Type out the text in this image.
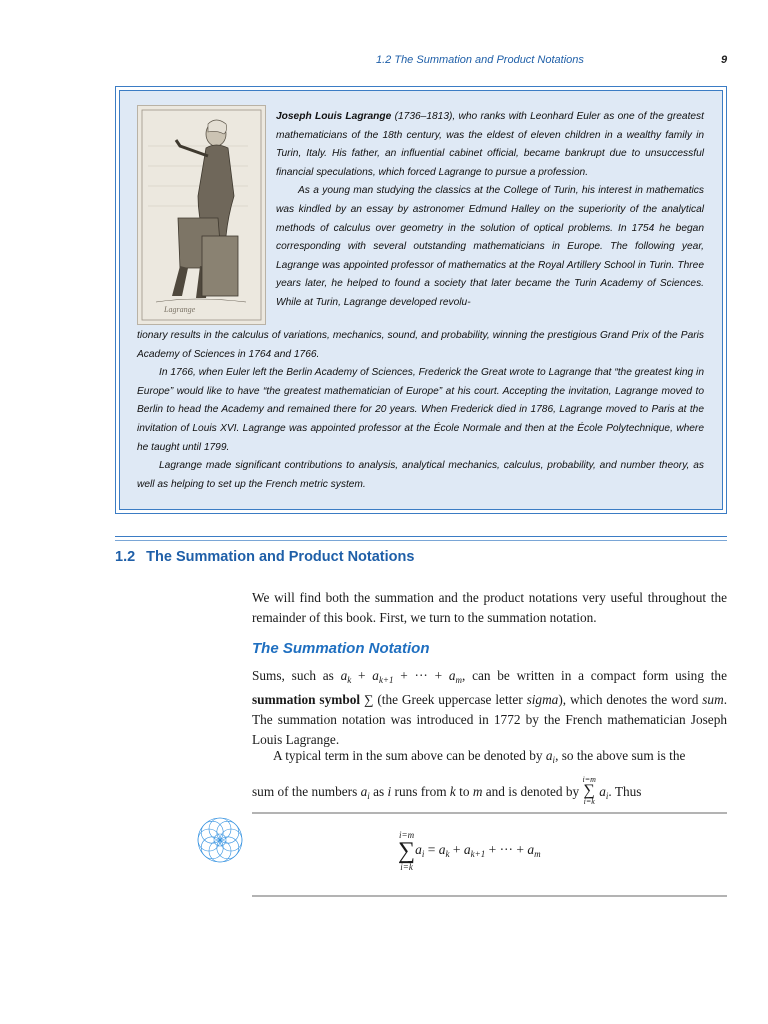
1.2 The Summation and Product Notations	9
Lagrange

Joseph Louis Lagrange (1736–1813), who ranks with Leonhard Euler as one of the greatest mathematicians of the 18th century, was the eldest of eleven children in a wealthy family in Turin, Italy. His father, an influential cabinet official, became bankrupt due to unsuccessful financial speculations, which forced Lagrange to pursue a profession.

As a young man studying the classics at the College of Turin, his interest in mathematics was kindled by an essay by astronomer Edmund Halley on the superiority of the analytical methods of calculus over geometry in the solution of optical problems. In 1754 he began corresponding with several outstanding mathematicians in Europe. The following year, Lagrange was appointed professor of mathematics at the Royal Artillery School in Turin. Three years later, he helped to found a society that later became the Turin Academy of Sciences. While at Turin, Lagrange developed revolu-

tionary results in the calculus of variations, mechanics, sound, and probability, winning the prestigious Grand Prix of the Paris Academy of Sciences in 1764 and 1766.

In 1766, when Euler left the Berlin Academy of Sciences, Frederick the Great wrote to Lagrange that “the greatest king in Europe” would like to have “the greatest mathematician of Europe” at his court. Accepting the invitation, Lagrange moved to Berlin to head the Academy and remained there for 20 years. When Frederick died in 1786, Lagrange moved to Paris at the invitation of Louis XVI. Lagrange was appointed professor at the École Normale and then at the École Polytechnique, where he taught until 1799.

Lagrange made significant contributions to analysis, analytical mechanics, calculus, probability, and number theory, as well as helping to set up the French metric system.

1.2 The Summation and Product Notations

We will find both the summation and the product notations very useful throughout the remainder of this book. First, we turn to the summation notation.

The Summation Notation

Sums, such as $a_k + a_{k+1}$ + ··· + $a_m$, can be written in a compact form using the summation symbol ∑ (the Greek uppercase letter sigma), which denotes the word sum. The summation notation was introduced in 1772 by the French mathematician Joseph Louis Lagrange.

A typical term in the sum above can be denoted by $a_i$, so the above sum is the

sum of the numbers $a_i$ as i runs from k to m and is denoted by
i=m
∑
i=k
$a_i$. Thus

i=m
∑
i=k
$a_i = a_k + a_{k+1}$ + ··· + $a_m$
